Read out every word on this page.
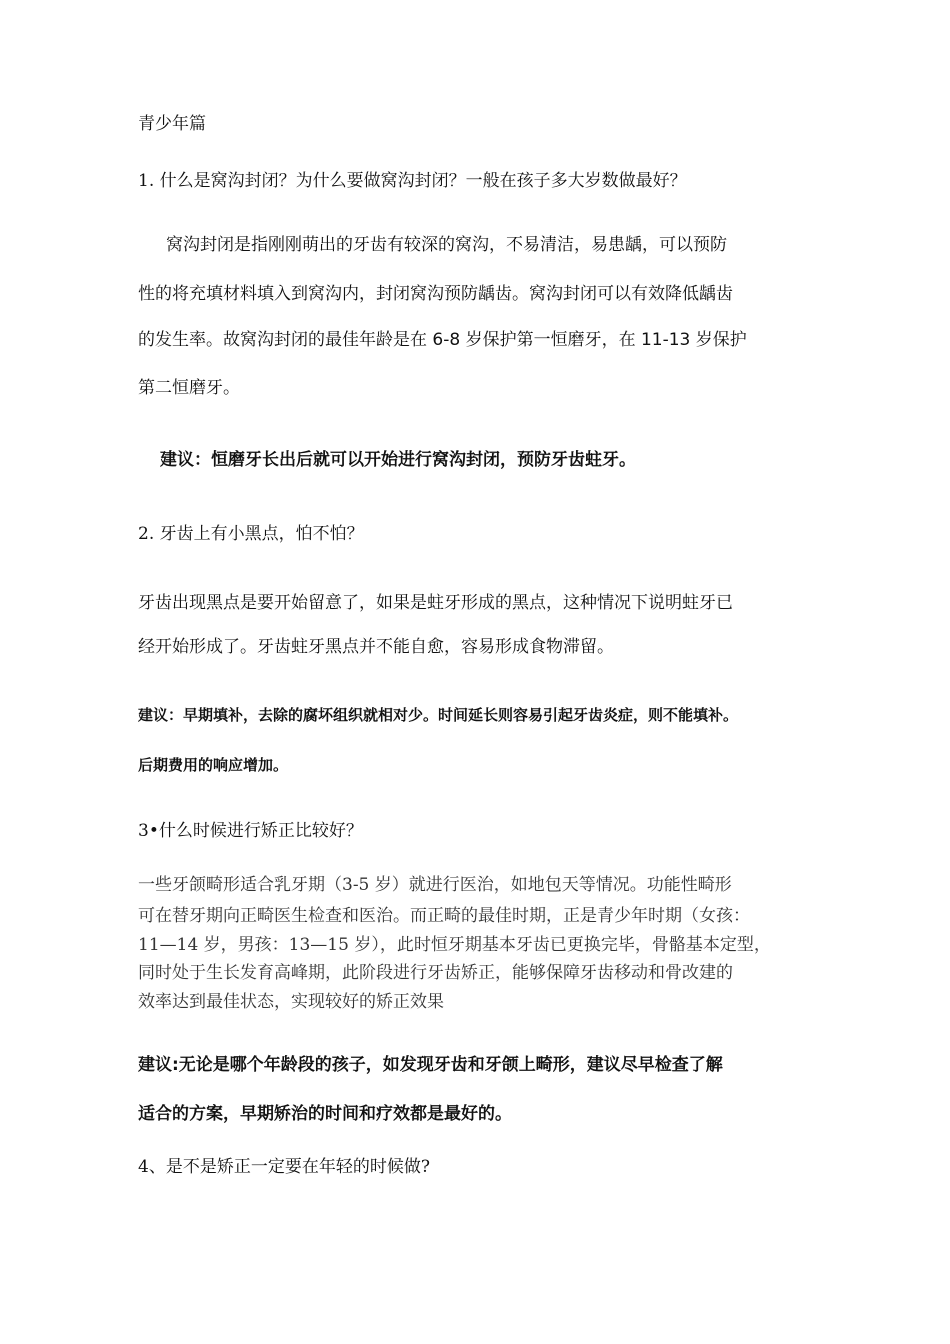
青少年篇
1. 什么是窝沟封闭？为什么要做窝沟封闭？一般在孩子多大岁数做最好？
窝沟封闭是指刚刚萌出的牙齿有较深的窝沟，不易清洁，易患龋，可以预防
性的将充填材料填入到窝沟内，封闭窝沟预防龋齿。窝沟封闭可以有效降低龋齿
的发生率。故窝沟封闭的最佳年龄是在 6-8 岁保护第一恒磨牙，在 11-13 岁保护
第二恒磨牙。
建议：恒磨牙长出后就可以开始进行窝沟封闭，预防牙齿蛀牙。
2. 牙齿上有小黑点，怕不怕？
牙齿出现黑点是要开始留意了，如果是蛀牙形成的黑点，这种情况下说明蛀牙已
经开始形成了。牙齿蛀牙黑点并不能自愈，容易形成食物滞留。
建议：早期填补，去除的腐坏组织就相对少。时间延长则容易引起牙齿炎症，则不能填补。
后期费用的响应增加。
3•什么时候进行矫正比较好？
一些牙颌畸形适合乳牙期（3-5 岁）就进行医治，如地包天等情况。功能性畸形
可在替牙期向正畸医生检查和医治。而正畸的最佳时期，正是青少年时期（女孩：
11—14 岁，男孩：13—15 岁），此时恒牙期基本牙齿已更换完毕，骨骼基本定型，
同时处于生长发育高峰期，此阶段进行牙齿矫正，能够保障牙齿移动和骨改建的
效率达到最佳状态，实现较好的矫正效果
建议:无论是哪个年龄段的孩子，如发现牙齿和牙颌上畸形，建议尽早检查了解
适合的方案，早期矫治的时间和疗效都是最好的。
4、是不是矫正一定要在年轻的时候做?
